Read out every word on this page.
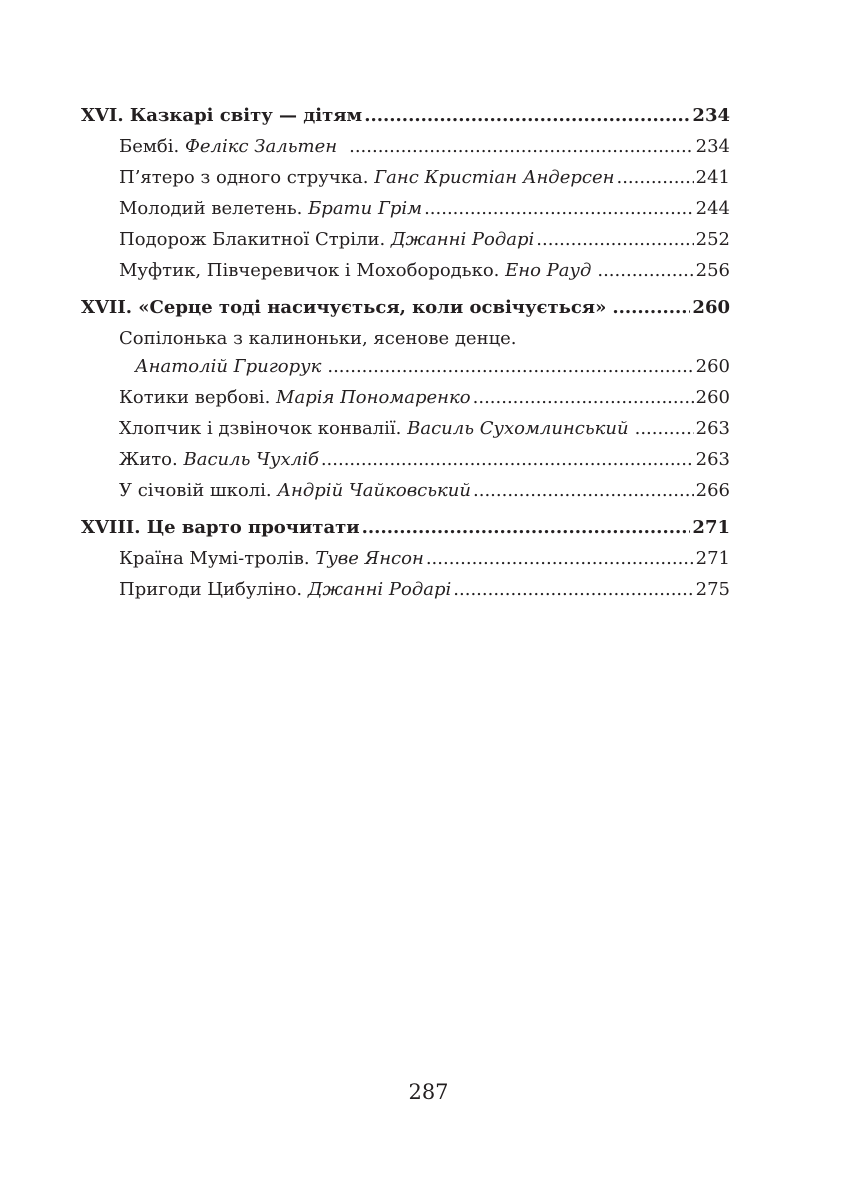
XVI. Казкарі світу — дітям .....	234
Бембі. Фелікс Зальтен .....	234
П’ятеро з одного стручка. Ганс Кристіан Андерсен .....	241
Молодий велетень. Брати Грім .....	244
Подорож Блакитної Стріли. Джанні Родарі .....	252
Муфтик, Півчеревичок і Мохобородько. Ено Рауд .....	256
XVII. «Серце тоді насичується, коли освічується» .....	260
Сопілонька з калиноньки, ясенове денце.
Анатолій Григорук .....	260
Котики вербові. Марія Пономаренко .....	260
Хлопчик і дзвіночок конвалії. Василь Сухомлинський .....	263
Жито. Василь Чухліб .....	263
У січовій школі. Андрій Чайковський .....	266
XVIII. Це варто прочитати .....	271
Країна Мумі-тролів. Туве Янсон .....	271
Пригоди Цибуліно. Джанні Родарі .....	275
287
